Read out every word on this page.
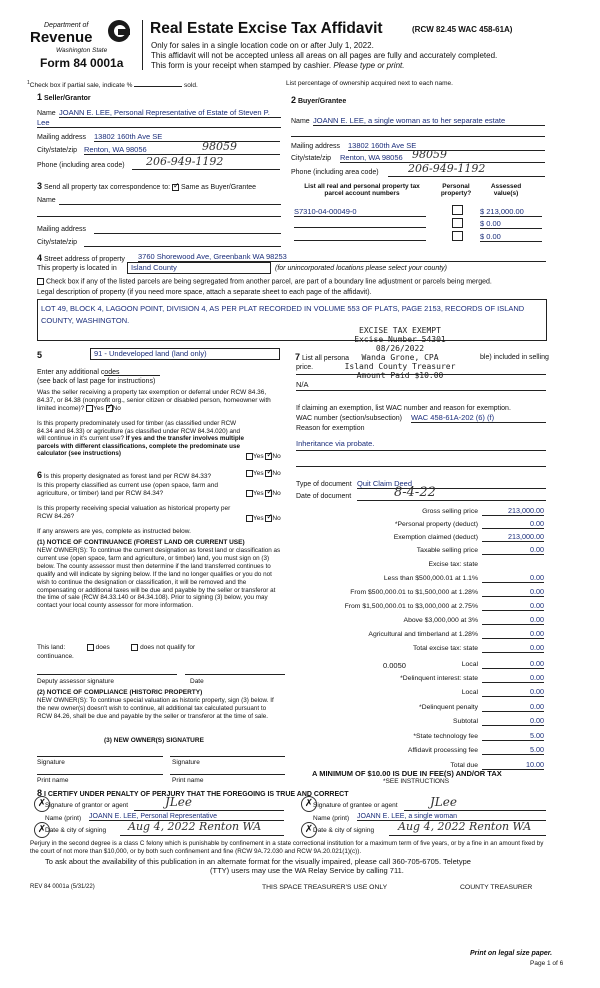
Department of
Revenue
Washington State
Form 84 0001a
Real Estate Excise Tax Affidavit	(RCW 82.45 WAC 458-61A)
Only for sales in a single location code on or after July 1, 2022.
This affidavit will not be accepted unless all areas on all pages are fully and accurately completed.
This form is your receipt when stamped by cashier. Please type or print.
$^1$Check box if partial sale, indicate %	sold.	List percentage of ownership acquired next to each name.
1 Seller/Grantor
Name JOANN E. LEE, Personal Representative of Estate of Steven P.
Lee
Mailing address 13802 160th Ave SE
City/state/zip Renton, WA 98056	98059
Phone (including area code) 206-949-1192
2 Buyer/Grantee
Name JOANN E. LEE, a single woman as to her separate estate
Mailing address 13802 160th Ave SE
City/state/zip Renton, WA 98056 98059
Phone (including area code)	206-949-1192
3 Send all property tax correspondence to: ✓ Same as Buyer/Grantee
Name
Mailing address
City/state/zip
List all real and personal property tax parcel account numbers
Personal property?
Assessed value(s)
S7310-04-00049-0	$ 213,000.00
$ 0.00
$ 0.00
4 Street address of property 3760 Shorewood Ave, Greenbank WA 98253
This property is located in	Island County	(for unincorporated locations please select your county)
Check box if any of the listed parcels are being segregated from another parcel, are part of a boundary line adjustment or parcels being merged.
Legal description of property (if you need more space, attach a separate sheet to each page of the affidavit).
LOT 49, BLOCK 4, LAGOON POINT, DIVISION 4, AS PER PLAT RECORDED IN VOLUME 553 OF PLATS, PAGE 2153, RECORDS OF ISLAND COUNTY, WASHINGTON.
EXCISE TAX EXEMPT
Excise Number 54301
08/26/2022
Wanda Grone, CPA
Island County Treasurer
Amount Paid $10.00
5	91 - Undeveloped land (land only)
Enter any additional codes
(see back of last page for instructions)
Was the seller receiving a property tax exemption or deferral under RCW 84.36, 84.37, or 84.38 (nonprofit org., senior citizen or disabled person, homeowner with limited income)? Yes ✓ No
Is this property predominately used for timber (as classified under RCW 84.34 and 84.33) or agriculture (as classified under RCW 84.34.020) and will continue in it's current use? If yes and the transfer involves multiple parcels with different classifications, complete the predominate use calculator (see instructions)	Yes ✓ No
7 List all persona	ble) included in selling
price.
N/A
If claiming an exemption, list WAC number and reason for exemption.
WAC number (section/subsection) WAC 458-61A-202 (6) (f)
Reason for exemption
Inheritance via probate.
Type of document Quit Claim Deed
Date of document	8-4-22
6 Is this property designated as forest land per RCW 84.33?	Yes ✓ No
Is this property classified as current use (open space, farm and agriculture, or timber) land per RCW 84.34?	Yes ✓ No
Is this property receiving special valuation as historical property per RCW 84.26?	Yes ✓ No
If any answers are yes, complete as instructed below.
(1) NOTICE OF CONTINUANCE (FOREST LAND OR CURRENT USE)
NEW OWNER(S): To continue the current designation as forest land or classification as current use (open space, farm and agriculture, or timber) land, you must sign on (3) below. The county assessor must then determine if the land transferred continues to qualify and will indicate by signing below. If the land no longer qualifies or you do not wish to continue the designation or classification, it will be removed and the compensating or additional taxes will be due and payable by the seller or transferor at the time of sale (RCW 84.33.140 or 84.34.108). Prior to signing (3) below, you may contact your local county assessor for more information.
This land:	does	does not qualify for
continuance.
Deputy assessor signature	Date
(2) NOTICE OF COMPLIANCE (HISTORIC PROPERTY)
NEW OWNER(S): To continue special valuation as historic property, sign (3) below. If the new owner(s) doesn't wish to continue, all additional tax calculated pursuant to RCW 84.26, shall be due and payable by the seller or transferor at the time of sale.
(3) NEW OWNER(S) SIGNATURE
Signature	Signature
Print name	Print name
Gross selling price	213,000.00
*Personal property (deduct)	0.00
Exemption claimed (deduct)	213,000.00
Taxable selling price	0.00
Excise tax: state
Less than $500,000.01 at 1.1%	0.00
From $500,000.01 to $1,500,000 at 1.28%	0.00
From $1,500,000.01 to $3,000,000 at 2.75%	0.00
Above $3,000,000 at 3%	0.00
Agricultural and timberland at 1.28%	0.00
Total excise tax: state	0.00
Local	0.00
*Delinquent interest: state	0.00
Local	0.00
*Delinquent penalty	0.00
Subtotal	0.00
*State technology fee	5.00
Affidavit processing fee	5.00
Total due	10.00
0.0050
A MINIMUM OF $10.00 IS DUE IN FEE(S) AND/OR TAX
*SEE INSTRUCTIONS
8 I CERTIFY UNDER PENALTY OF PERJURY THAT THE FOREGOING IS TRUE AND CORRECT
Signature of grantor or agent	JLee
Name (print) JOANN E. LEE, Personal Representative
Date & city of signing Aug 4, 2022 Renton WA
Signature of grantee or agent	JLee
Name (print) JOANN E. LEE, a single woman
Date & city of signing Aug 4, 2022 Renton WA
✗
✗
✗
✗
Perjury in the second degree is a class C felony which is punishable by confinement in a state correctional institution for a maximum term of five years, or by a fine in an amount fixed by the court of not more than $10,000, or by both such confinement and fine (RCW 9A.72.030 and RCW 9A.20.021(1)(c)).
To ask about the availability of this publication in an alternate format for the visually impaired, please call 360-705-6705. Teletype
(TTY) users may use the WA Relay Service by calling 711.
REV 84 0001a (5/31/22)	THIS SPACE TREASURER'S USE ONLY	COUNTY TREASURER
Print on legal size paper.
Page 1 of 6
